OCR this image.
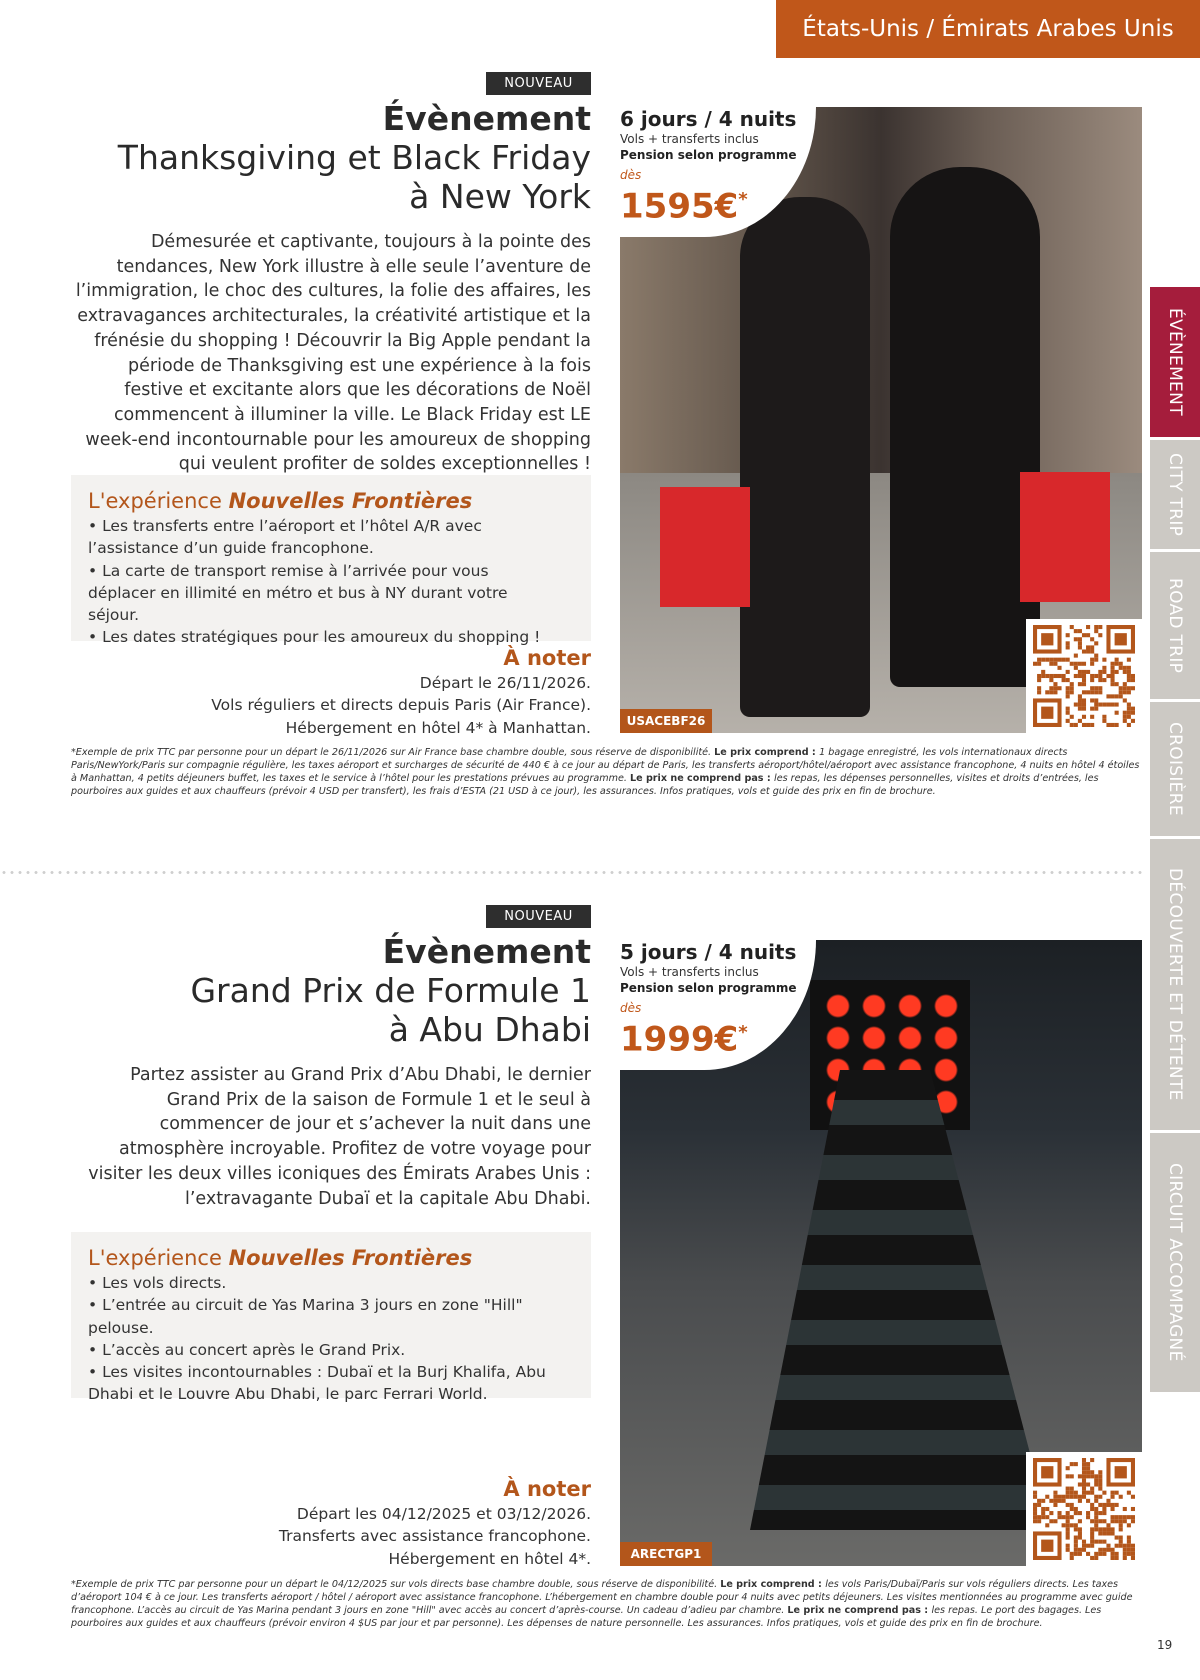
États-Unis / Émirats Arabes Unis
ÉVÈNEMENT
CITY TRIP
ROAD TRIP
CROISIÈRE
DÉCOUVERTE ET DÉTENTE
CIRCUIT ACCOMPAGNÉ
NOUVEAU
Évènement
Thanksgiving et Black Friday
à New York
Démesurée et captivante, toujours à la pointe des tendances, New York illustre à elle seule l’aventure de l’immigration, le choc des cultures, la folie des affaires, les extravagances architecturales, la créativité artistique et la frénésie du shopping ! Découvrir la Big Apple pendant la période de Thanksgiving est une expérience à la fois festive et excitante alors que les décorations de Noël commencent à illuminer la ville. Le Black Friday est LE week-end incontournable pour les amoureux de shopping qui veulent profiter de soldes exceptionnelles !
L'expérience Nouvelles Frontières
• Les transferts entre l’aéroport et l’hôtel A/R avec l’assistance d’un guide francophone.
• La carte de transport remise à l’arrivée pour vous déplacer en illimité en métro et bus à NY durant votre séjour.
• Les dates stratégiques pour les amoureux du shopping !
À noter
Départ le 26/11/2026.
Vols réguliers et directs depuis Paris (Air France).
Hébergement en hôtel 4* à Manhattan.
6 jours / 4 nuits
Vols + transferts inclus
Pension selon programme
dès
1595€*
USACEBF26
*Exemple de prix TTC par personne pour un départ le 26/11/2026 sur Air France base chambre double, sous réserve de disponibilité. Le prix comprend : 1 bagage enregistré, les vols internationaux directs Paris/NewYork/Paris sur compagnie régulière, les taxes aéroport et surcharges de sécurité de 440 € à ce jour au départ de Paris, les transferts aéroport/hôtel/aéroport avec assistance francophone, 4 nuits en hôtel 4 étoiles à Manhattan, 4 petits déjeuners buffet, les taxes et le service à l’hôtel pour les prestations prévues au programme. Le prix ne comprend pas : les repas, les dépenses personnelles, visites et droits d’entrées, les pourboires aux guides et aux chauffeurs (prévoir 4 USD per transfert), les frais d’ESTA (21 USD à ce jour), les assurances. Infos pratiques, vols et guide des prix en fin de brochure.
NOUVEAU
Évènement
Grand Prix de Formule 1
à Abu Dhabi
Partez assister au Grand Prix d’Abu Dhabi, le dernier Grand Prix de la saison de Formule 1 et le seul à commencer de jour et s’achever la nuit dans une atmosphère incroyable. Profitez de votre voyage pour visiter les deux villes iconiques des Émirats Arabes Unis : l’extravagante Dubaï et la capitale Abu Dhabi.
L'expérience Nouvelles Frontières
• Les vols directs.
• L’entrée au circuit de Yas Marina 3 jours en zone "Hill" pelouse.
• L’accès au concert après le Grand Prix.
• Les visites incontournables : Dubaï et la Burj Khalifa, Abu Dhabi et le Louvre Abu Dhabi, le parc Ferrari World.
À noter
Départ les 04/12/2025 et 03/12/2026.
Transferts avec assistance francophone.
Hébergement en hôtel 4*.
5 jours / 4 nuits
Vols + transferts inclus
Pension selon programme
dès
1999€*
ARECTGP1
*Exemple de prix TTC par personne pour un départ le 04/12/2025 sur vols directs base chambre double, sous réserve de disponibilité. Le prix comprend : les vols Paris/Dubaï/Paris sur vols réguliers directs. Les taxes d’aéroport 104 € à ce jour. Les transferts aéroport / hôtel / aéroport avec assistance francophone. L’hébergement en chambre double pour 4 nuits avec petits déjeuners. Les visites mentionnées au programme avec guide francophone. L’accès au circuit de Yas Marina pendant 3 jours en zone "Hill" avec accès au concert d’après-course. Un cadeau d’adieu par chambre. Le prix ne comprend pas : les repas. Le port des bagages. Les pourboires aux guides et aux chauffeurs (prévoir environ 4 $US par jour et par personne). Les dépenses de nature personnelle. Les assurances. Infos pratiques, vols et guide des prix en fin de brochure.
19
